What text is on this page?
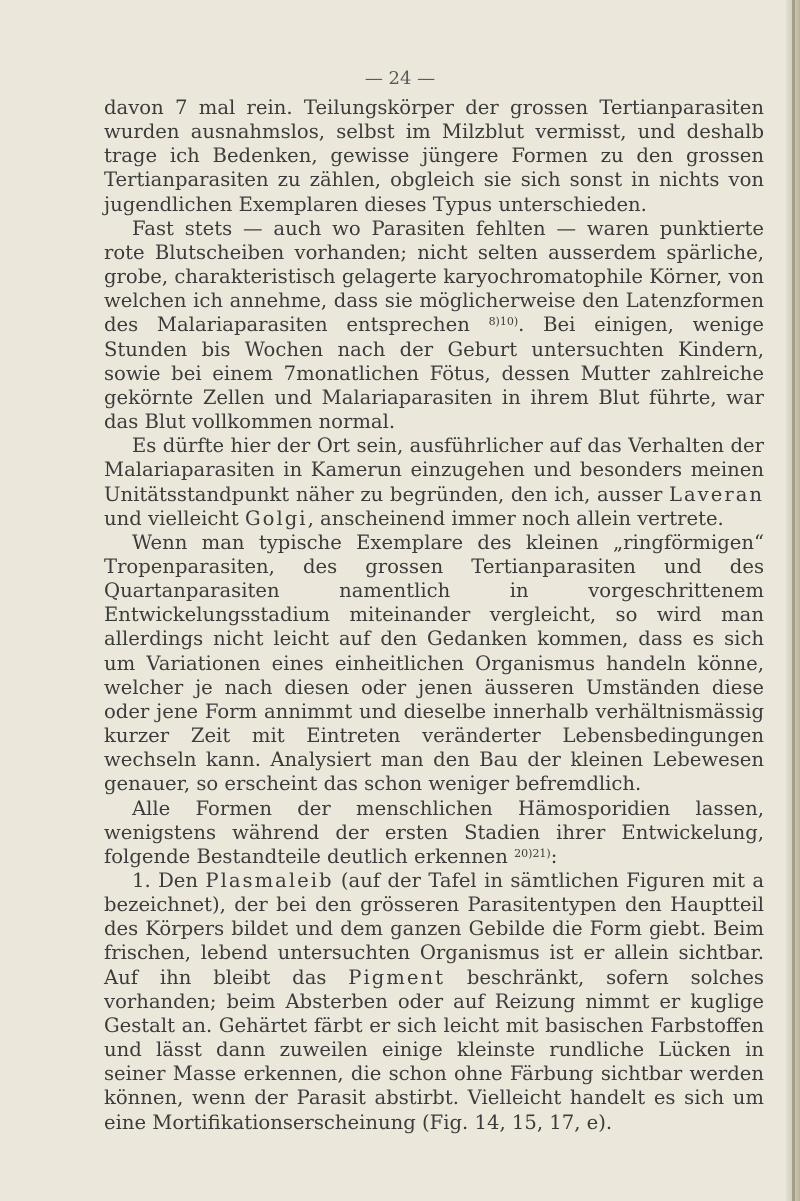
— 24 —

davon 7 mal rein. Teilungskörper der grossen Tertianparasiten wurden ausnahmslos, selbst im Milzblut vermisst, und deshalb trage ich Bedenken, gewisse jüngere Formen zu den grossen Tertianparasiten zu zählen, obgleich sie sich sonst in nichts von jugendlichen Exemplaren dieses Typus unterschieden.

Fast stets — auch wo Parasiten fehlten — waren punktierte rote Blutscheiben vorhanden; nicht selten ausserdem spärliche, grobe, charakteristisch gelagerte karyochromatophile Körner, von welchen ich annehme, dass sie möglicherweise den Latenzformen des Malariaparasiten entsprechen $^{8)10)}$. Bei einigen, wenige Stunden bis Wochen nach der Geburt untersuchten Kindern, sowie bei einem 7monatlichen Fötus, dessen Mutter zahlreiche gekörnte Zellen und Malariaparasiten in ihrem Blut führte, war das Blut vollkommen normal.

Es dürfte hier der Ort sein, ausführlicher auf das Verhalten der Malariaparasiten in Kamerun einzugehen und besonders meinen Unitätsstandpunkt näher zu begründen, den ich, ausser Laveran und vielleicht Golgi, anscheinend immer noch allein vertrete.

Wenn man typische Exemplare des kleinen „ringförmigen“ Tropenparasiten, des grossen Tertianparasiten und des Quartanparasiten namentlich in vorgeschrittenem Entwickelungsstadium miteinander vergleicht, so wird man allerdings nicht leicht auf den Gedanken kommen, dass es sich um Variationen eines einheitlichen Organismus handeln könne, welcher je nach diesen oder jenen äusseren Umständen diese oder jene Form annimmt und dieselbe innerhalb verhältnismässig kurzer Zeit mit Eintreten veränderter Lebensbedingungen wechseln kann. Analysiert man den Bau der kleinen Lebewesen genauer, so erscheint das schon weniger befremdlich.

Alle Formen der menschlichen Hämosporidien lassen, wenigstens während der ersten Stadien ihrer Entwickelung, folgende Bestandteile deutlich erkennen $^{20)21)}$:

1. Den Plasmaleib (auf der Tafel in sämtlichen Figuren mit a bezeichnet), der bei den grösseren Parasitentypen den Hauptteil des Körpers bildet und dem ganzen Gebilde die Form giebt. Beim frischen, lebend untersuchten Organismus ist er allein sichtbar. Auf ihn bleibt das Pigment beschränkt, sofern solches vorhanden; beim Absterben oder auf Reizung nimmt er kuglige Gestalt an. Gehärtet färbt er sich leicht mit basischen Farbstoffen und lässt dann zuweilen einige kleinste rundliche Lücken in seiner Masse erkennen, die schon ohne Färbung sichtbar werden können, wenn der Parasit abstirbt. Vielleicht handelt es sich um eine Mortifikationserscheinung (Fig. 14, 15, 17, e).
